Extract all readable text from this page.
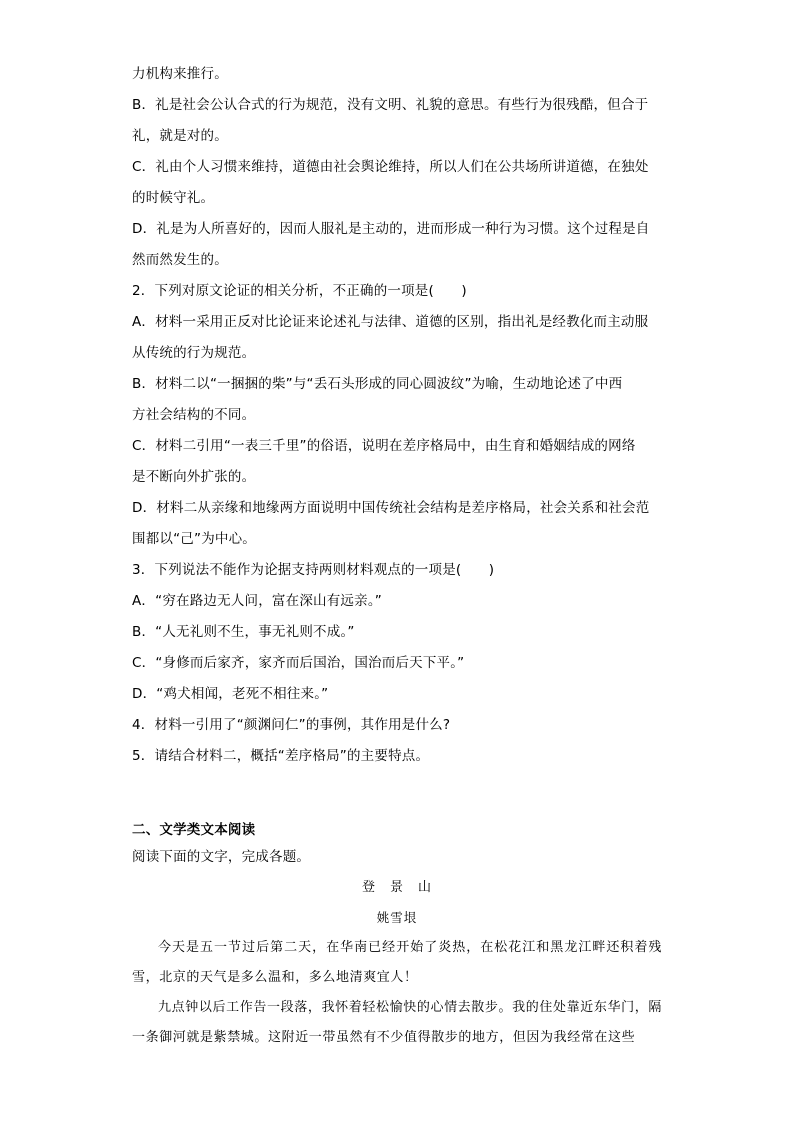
力机构来推行。
B．礼是社会公认合式的行为规范，没有文明、礼貌的意思。有些行为很残酷，但合于
礼，就是对的。
C．礼由个人习惯来维持，道德由社会舆论维持，所以人们在公共场所讲道德，在独处
的时候守礼。
D．礼是为人所喜好的，因而人服礼是主动的，进而形成一种行为习惯。这个过程是自
然而然发生的。
2．下列对原文论证的相关分析，不正确的一项是(　　)
A．材料一采用正反对比论证来论述礼与法律、道德的区别，指出礼是经教化而主动服
从传统的行为规范。
B．材料二以“一捆捆的柴”与“丢石头形成的同心圆波纹”为喻，生动地论述了中西
方社会结构的不同。
C．材料二引用“一表三千里”的俗语，说明在差序格局中，由生育和婚姻结成的网络
是不断向外扩张的。
D．材料二从亲缘和地缘两方面说明中国传统社会结构是差序格局，社会关系和社会范
围都以“己”为中心。
3．下列说法不能作为论据支持两则材料观点的一项是(　　)
A．“穷在路边无人问，富在深山有远亲。”
B．“人无礼则不生，事无礼则不成。”
C．“身修而后家齐，家齐而后国治，国治而后天下平。”
D．“鸡犬相闻，老死不相往来。”
4．材料一引用了“颜渊问仁”的事例，其作用是什么?
5．请结合材料二，概括“差序格局”的主要特点。
二、文学类文本阅读
阅读下面的文字，完成各题。
登　景　山
姚雪垠

今天是五一节过后第二天，在华南已经开始了炎热，在松花江和黑龙江畔还积着残雪，北京的天气是多么温和，多么地清爽宜人！

九点钟以后工作告一段落，我怀着轻松愉快的心情去散步。我的住处靠近东华门，隔一条御河就是紫禁城。这附近一带虽然有不少值得散步的地方，但因为我经常在这些
